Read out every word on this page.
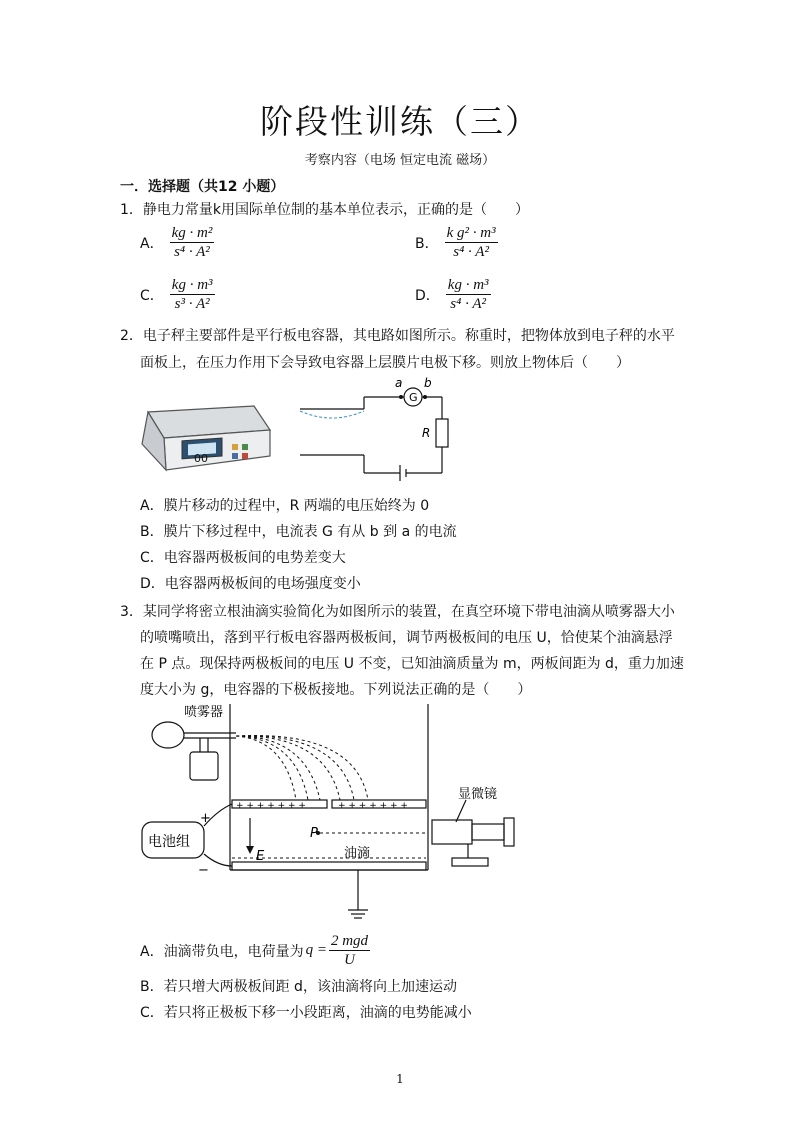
阶段性训练（三）
考察内容（电场 恒定电流 磁场）
一．选择题（共12 小题）
1．静电力常量k用国际单位制的基本单位表示，正确的是（　　）
A． $\frac{\text{kg · m²}}{\text{s⁴ · A²}}$	B． $\frac{\text{k g² · m³}}{\text{s⁴ · A²}}$
C． $\frac{\text{kg · m³}}{\text{s³ · A²}}$	D． $\frac{\text{kg · m³}}{\text{s⁴ · A²}}$
2．电子秤主要部件是平行板电容器，其电路如图所示。称重时，把物体放到电子秤的水平
面板上，在压力作用下会导致电容器上层膜片电极下移。则放上物体后（　　）
00
G
a b
R
A．膜片移动的过程中，R 两端的电压始终为 0
B．膜片下移过程中，电流表 G 有从 b 到 a 的电流
C．电容器两极板间的电势差变大
D．电容器两极板间的电场强度变小
3．某同学将密立根油滴实验简化为如图所示的装置，在真空环境下带电油滴从喷雾器大小
的喷嘴喷出，落到平行板电容器两极板间，调节两极板间的电压 U，恰使某个油滴悬浮
在 P 点。现保持两极板间的电压 U 不变，已知油滴质量为 m，两板间距为 d，重力加速
度大小为 g，电容器的下极板接地。下列说法正确的是（　　）
喷雾器
显微镜
电池组
+
−
+ + + + + + +	+ + + + + + +
P
油滴
E
A．油滴带负电，电荷量为 $q = \frac{\text{2 mgd}}{U}$
B．若只增大两极板间距 d，该油滴将向上加速运动
C．若只将正极板下移一小段距离，油滴的电势能减小
1
